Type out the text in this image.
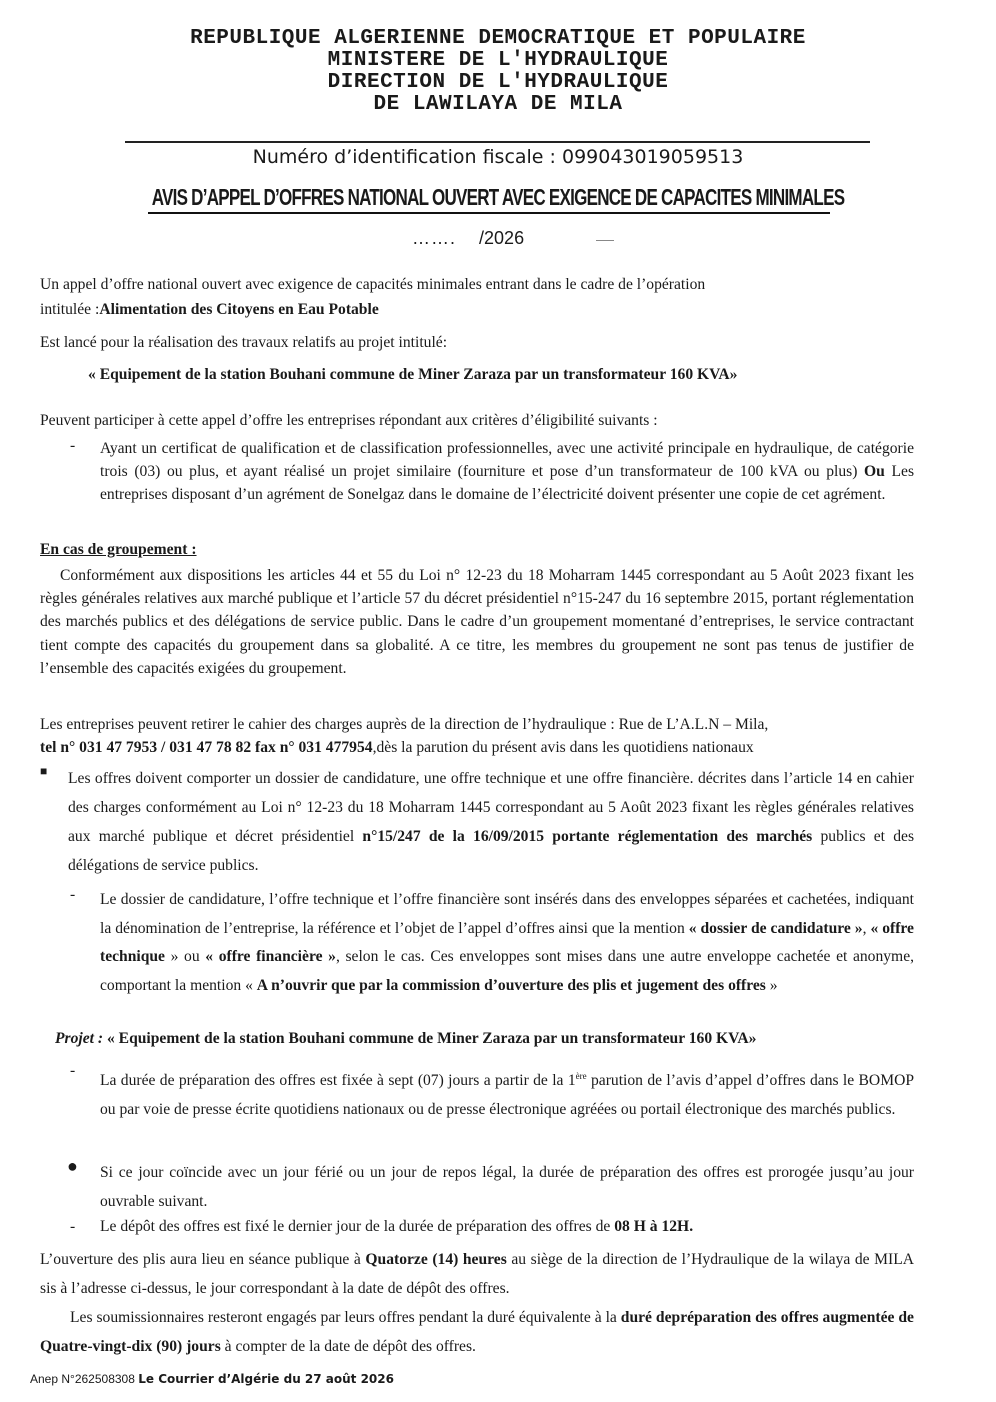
REPUBLIQUE ALGERIENNE DEMOCRATIQUE ET POPULAIRE
MINISTERE DE L'HYDRAULIQUE
DIRECTION DE L'HYDRAULIQUE
DE LAWILAYA DE MILA
Numéro d’identification fiscale : 099043019059513
AVIS D’APPEL D’OFFRES NATIONAL OUVERT AVEC EXIGENCE DE CAPACITES MINIMALES
……. /2026
Un appel d’offre national ouvert avec exigence de capacités minimales entrant dans le cadre de l’opération
intitulée :Alimentation des Citoyens en Eau Potable
Est lancé pour la réalisation des travaux relatifs au projet intitulé:
« Equipement de la station Bouhani commune de Miner Zaraza par un transformateur 160 KVA»
Peuvent participer à cette appel d’offre les entreprises répondant aux critères d’éligibilité suivants :
- Ayant un certificat de qualification et de classification professionnelles, avec une activité principale en hydraulique, de catégorie trois (03) ou plus, et ayant réalisé un projet similaire (fourniture et pose d’un transformateur de 100 kVA ou plus) Ou Les entreprises disposant d’un agrément de Sonelgaz dans le domaine de l’électricité doivent présenter une copie de cet agrément.
En cas de groupement :
Conformément aux dispositions les articles 44 et 55 du Loi n° 12-23 du 18 Moharram 1445 correspondant au 5 Août 2023 fixant les règles générales relatives aux marché publique et l’article 57 du décret présidentiel n°15-247 du 16 septembre 2015, portant réglementation des marchés publics et des délégations de service public. Dans le cadre d’un groupement momentané d’entreprises, le service contractant tient compte des capacités du groupement dans sa globalité. A ce titre, les membres du groupement ne sont pas tenus de justifier de l’ensemble des capacités exigées du groupement.
Les entreprises peuvent retirer le cahier des charges auprès de la direction de l’hydraulique : Rue de L’A.L.N – Mila,
tel n° 031 47 7953 / 031 47 78 82 fax n° 031 477954,dès la parution du présent avis dans les quotidiens nationaux
■ Les offres doivent comporter un dossier de candidature, une offre technique et une offre financière. décrites dans l’article 14 en cahier des charges conformément au Loi n° 12-23 du 18 Moharram 1445 correspondant au 5 Août 2023 fixant les règles générales relatives aux marché publique et décret présidentiel n°15/247 de la 16/09/2015 portante réglementation des marchés publics et des délégations de service publics.
- Le dossier de candidature, l’offre technique et l’offre financière sont insérés dans des enveloppes séparées et cachetées, indiquant la dénomination de l’entreprise, la référence et l’objet de l’appel d’offres ainsi que la mention « dossier de candidature », « offre technique » ou « offre financière », selon le cas. Ces enveloppes sont mises dans une autre enveloppe cachetée et anonyme, comportant la mention « A n’ouvrir que par la commission d’ouverture des plis et jugement des offres »
Projet : « Equipement de la station Bouhani commune de Miner Zaraza par un transformateur 160 KVA»
-
La durée de préparation des offres est fixée à sept (07) jours a partir de la 1ère parution de l’avis d’appel d’offres dans le BOMOP ou par voie de presse écrite quotidiens nationaux ou de presse électronique agréées ou portail électronique des marchés publics.
● Si ce jour coïncide avec un jour férié ou un jour de repos légal, la durée de préparation des offres est prorogée jusqu’au jour ouvrable suivant.
- Le dépôt des offres est fixé le dernier jour de la durée de préparation des offres de 08 H à 12H.
L’ouverture des plis aura lieu en séance publique à Quatorze (14) heures au siège de la direction de l’Hydraulique de la wilaya de MILA sis à l’adresse ci-dessus, le jour correspondant à la date de dépôt des offres.
Les soumissionnaires resteront engagés par leurs offres pendant la duré équivalente à la duré depréparation des offres augmentée de Quatre-vingt-dix (90) jours à compter de la date de dépôt des offres.
Anep N°262508308 Le Courrier d’Algérie du 27 août 2026
